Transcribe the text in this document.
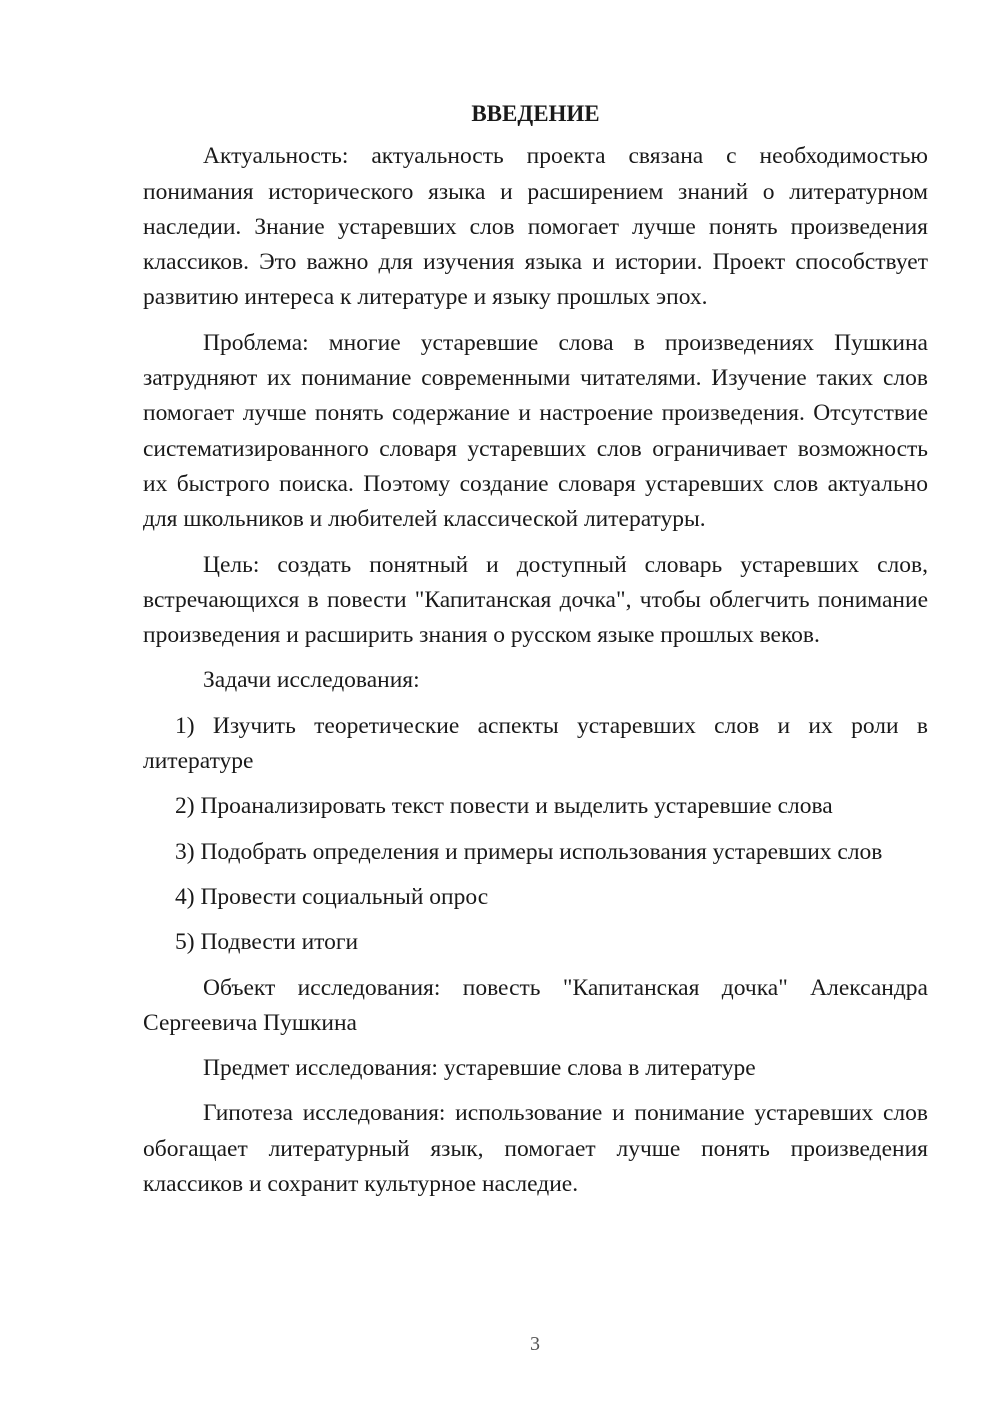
ВВЕДЕНИЕ

Актуальность: актуальность проекта связана с необходимостью понимания исторического языка и расширением знаний о литературном наследии. Знание устаревших слов помогает лучше понять произведения классиков. Это важно для изучения языка и истории. Проект способствует развитию интереса к литературе и языку прошлых эпох.

Проблема: многие устаревшие слова в произведениях Пушкина затрудняют их понимание современными читателями. Изучение таких слов помогает лучше понять содержание и настроение произведения. Отсутствие систематизированного словаря устаревших слов ограничивает возможность их быстрого поиска. Поэтому создание словаря устаревших слов актуально для школьников и любителей классической литературы.

Цель: создать понятный и доступный словарь устаревших слов, встречающихся в повести "Капитанская дочка", чтобы облегчить понимание произведения и расширить знания о русском языке прошлых веков.

Задачи исследования:

1) Изучить теоретические аспекты устаревших слов и их роли в литературе

2) Проанализировать текст повести и выделить устаревшие слова

3) Подобрать определения и примеры использования устаревших слов

4) Провести социальный опрос

5) Подвести итоги

Объект исследования: повесть "Капитанская дочка" Александра Сергеевича Пушкина

Предмет исследования: устаревшие слова в литературе

Гипотеза исследования: использование и понимание устаревших слов обогащает литературный язык, помогает лучше понять произведения классиков и сохранит культурное наследие.

3
